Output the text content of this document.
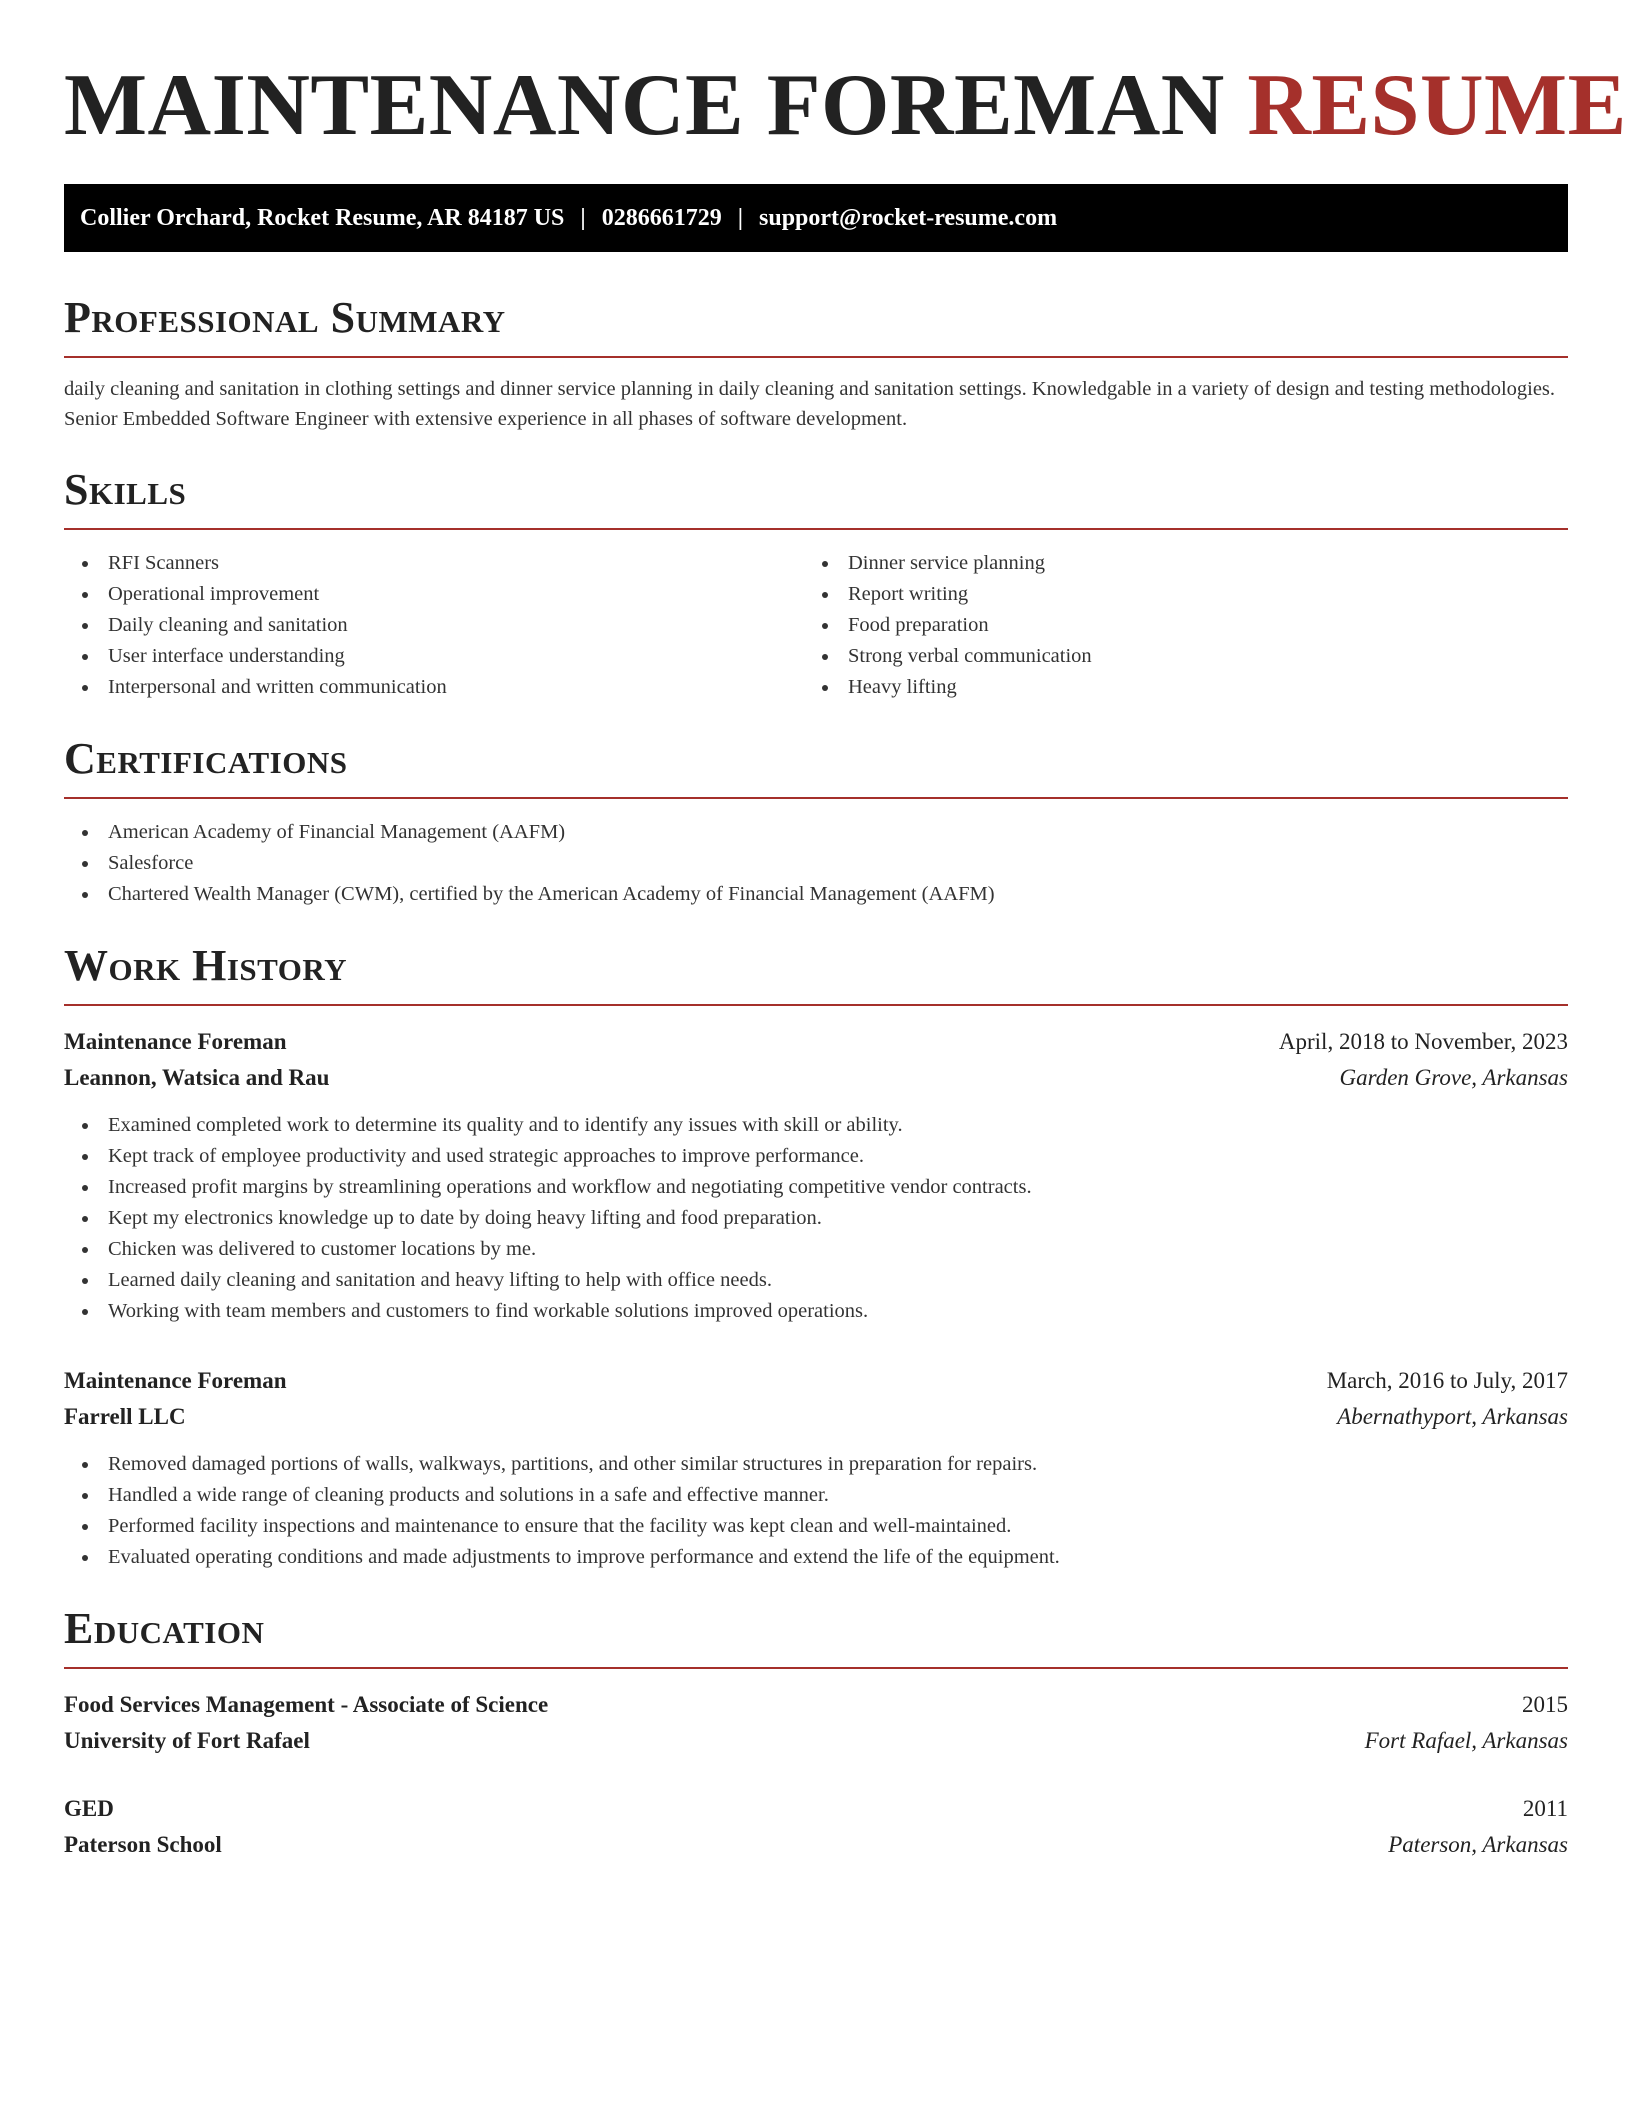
MAINTENANCE FOREMAN RESUME
Collier Orchard, Rocket Resume, AR 84187 US | 0286661729 | support@rocket-resume.com
Professional Summary

daily cleaning and sanitation in clothing settings and dinner service planning in daily cleaning and sanitation settings. Knowledgable in a variety of design and testing methodologies. Senior Embedded Software Engineer with extensive experience in all phases of software development.

Skills
RFI Scanners
Operational improvement
Daily cleaning and sanitation
User interface understanding
Interpersonal and written communication
Dinner service planning
Report writing
Food preparation
Strong verbal communication
Heavy lifting
Certifications
American Academy of Financial Management (AAFM)
Salesforce
Chartered Wealth Manager (CWM), certified by the American Academy of Financial Management (AAFM)
Work History
Maintenance Foreman	April, 2018 to November, 2023
Leannon, Watsica and Rau	Garden Grove, Arkansas
Examined completed work to determine its quality and to identify any issues with skill or ability.
Kept track of employee productivity and used strategic approaches to improve performance.
Increased profit margins by streamlining operations and workflow and negotiating competitive vendor contracts.
Kept my electronics knowledge up to date by doing heavy lifting and food preparation.
Chicken was delivered to customer locations by me.
Learned daily cleaning and sanitation and heavy lifting to help with office needs.
Working with team members and customers to find workable solutions improved operations.
Maintenance Foreman	March, 2016 to July, 2017
Farrell LLC	Abernathyport, Arkansas
Removed damaged portions of walls, walkways, partitions, and other similar structures in preparation for repairs.
Handled a wide range of cleaning products and solutions in a safe and effective manner.
Performed facility inspections and maintenance to ensure that the facility was kept clean and well-maintained.
Evaluated operating conditions and made adjustments to improve performance and extend the life of the equipment.
Education
Food Services Management - Associate of Science	2015
University of Fort Rafael	Fort Rafael, Arkansas
GED	2011
Paterson School	Paterson, Arkansas
